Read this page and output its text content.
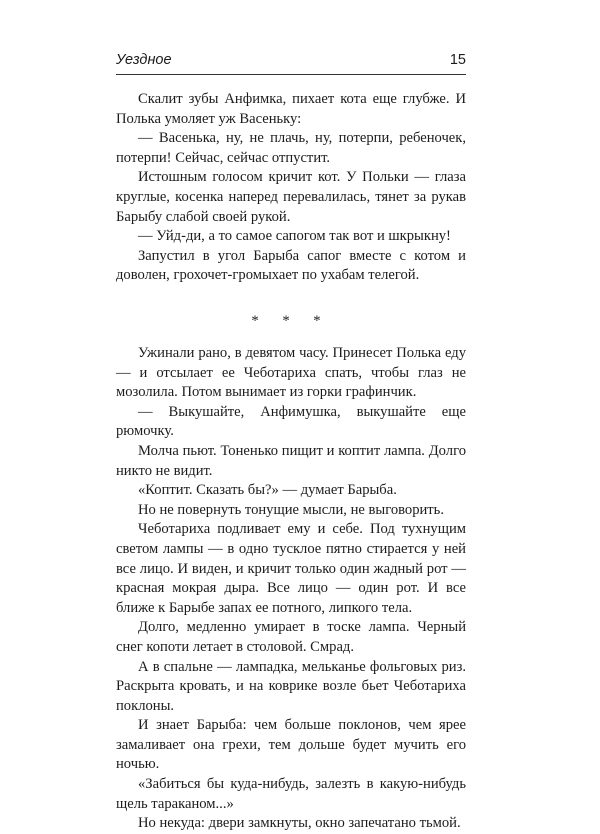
Уездное	15

Скалит зубы Анфимка, пихает кота еще глубже. И Полька умоляет уж Васеньку:

— Васенька, ну, не плачь, ну, потерпи, ребеночек, потерпи! Сейчас, сейчас отпустит.

Истошным голосом кричит кот. У Польки — глаза круглые, косенка наперед перевалилась, тянет за рукав Барыбу слабой своей рукой.

— Уйд-ди, а то самое сапогом так вот и шкрыкну!

Запустил в угол Барыба сапог вместе с котом и доволен, грохочет-громыхает по ухабам телегой.

* * *

Ужинали рано, в девятом часу. Принесет Полька еду — и отсылает ее Чеботариха спать, чтобы глаз не мозолила. Потом вынимает из горки графинчик.

— Выкушайте, Анфимушка, выкушайте еще рюмочку.

Молча пьют. Тоненько пищит и коптит лампа. Долго никто не видит.

«Коптит. Сказать бы?» — думает Барыба.

Но не повернуть тонущие мысли, не выговорить.

Чеботариха подливает ему и себе. Под тухнущим светом лампы — в одно тусклое пятно стирается у ней все лицо. И виден, и кричит только один жадный рот — красная мокрая дыра. Все лицо — один рот. И все ближе к Барыбе запах ее потного, липкого тела.

Долго, медленно умирает в тоске лампа. Черный снег копоти летает в столовой. Смрад.

А в спальне — лампадка, мельканье фольговых риз. Раскрыта кровать, и на коврике возле бьет Чеботариха поклоны.

И знает Барыба: чем больше поклонов, чем ярее замаливает она грехи, тем дольше будет мучить его ночью.

«Забиться бы куда-нибудь, залезть в какую-нибудь щель тараканом...»

Но некуда: двери замкнуты, окно запечатано тьмой.
